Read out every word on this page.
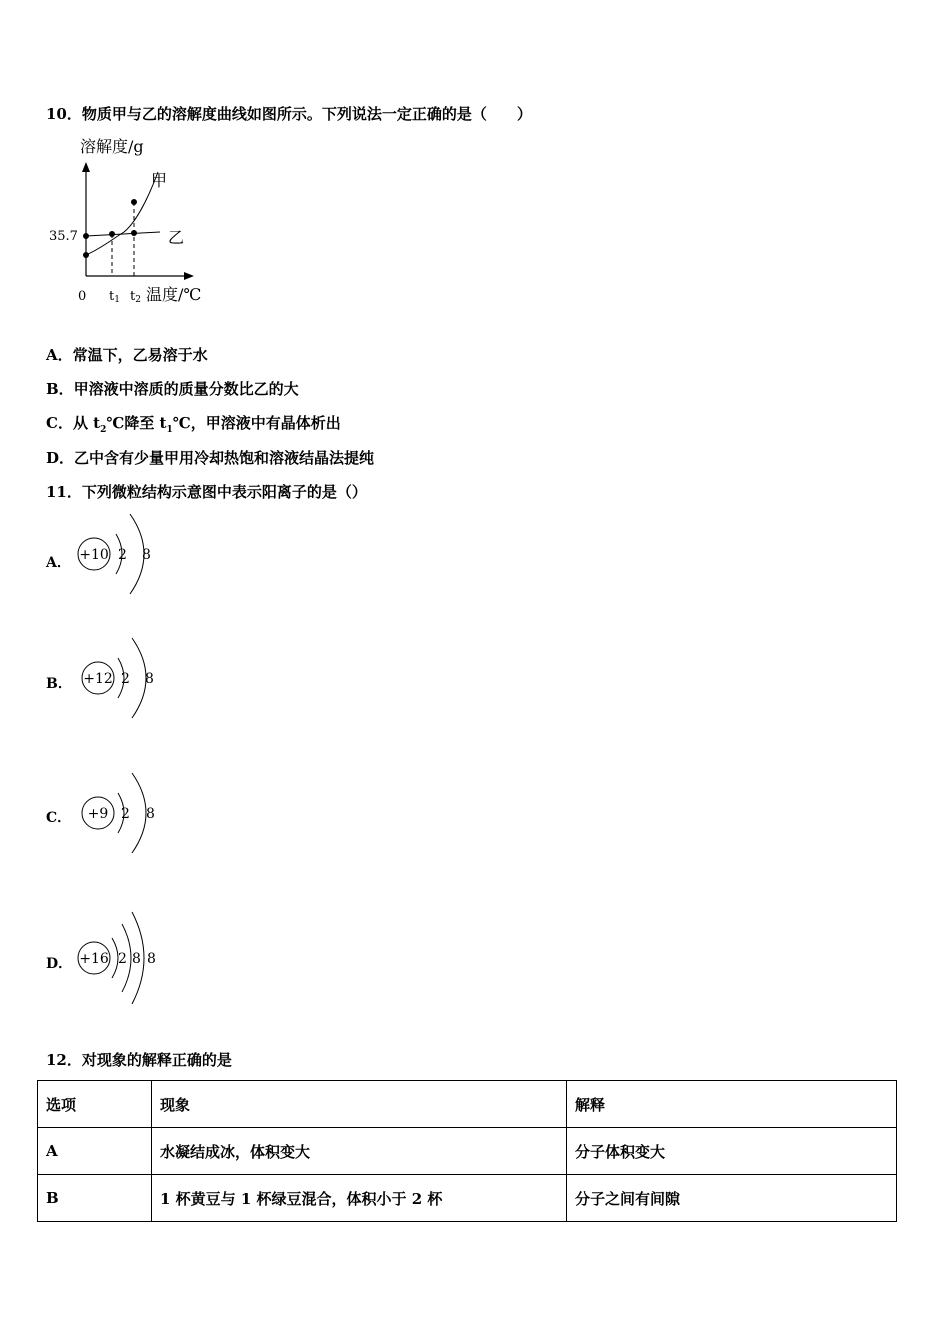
10．物质甲与乙的溶解度曲线如图所示。下列说法一定正确的是（　　）
溶解度/g
35.7
甲
乙
0 t1 t2 温度/℃
A．常温下，乙易溶于水
B．甲溶液中溶质的质量分数比乙的大
C．从 $t_2℃$降至 $t_1℃$，甲溶液中有晶体析出
D．乙中含有少量甲用冷却热饱和溶液结晶法提纯
11．下列微粒结构示意图中表示阳离子的是（）
A． +10 2 8
B． +12 2 8
C． +9 2 8
D． +16 2 8 8
12．对现象的解释正确的是
选项	现象	解释
A	水凝结成冰，体积变大	分子体积变大
B	1 杯黄豆与 1 杯绿豆混合，体积小于 2 杯	分子之间有间隙
